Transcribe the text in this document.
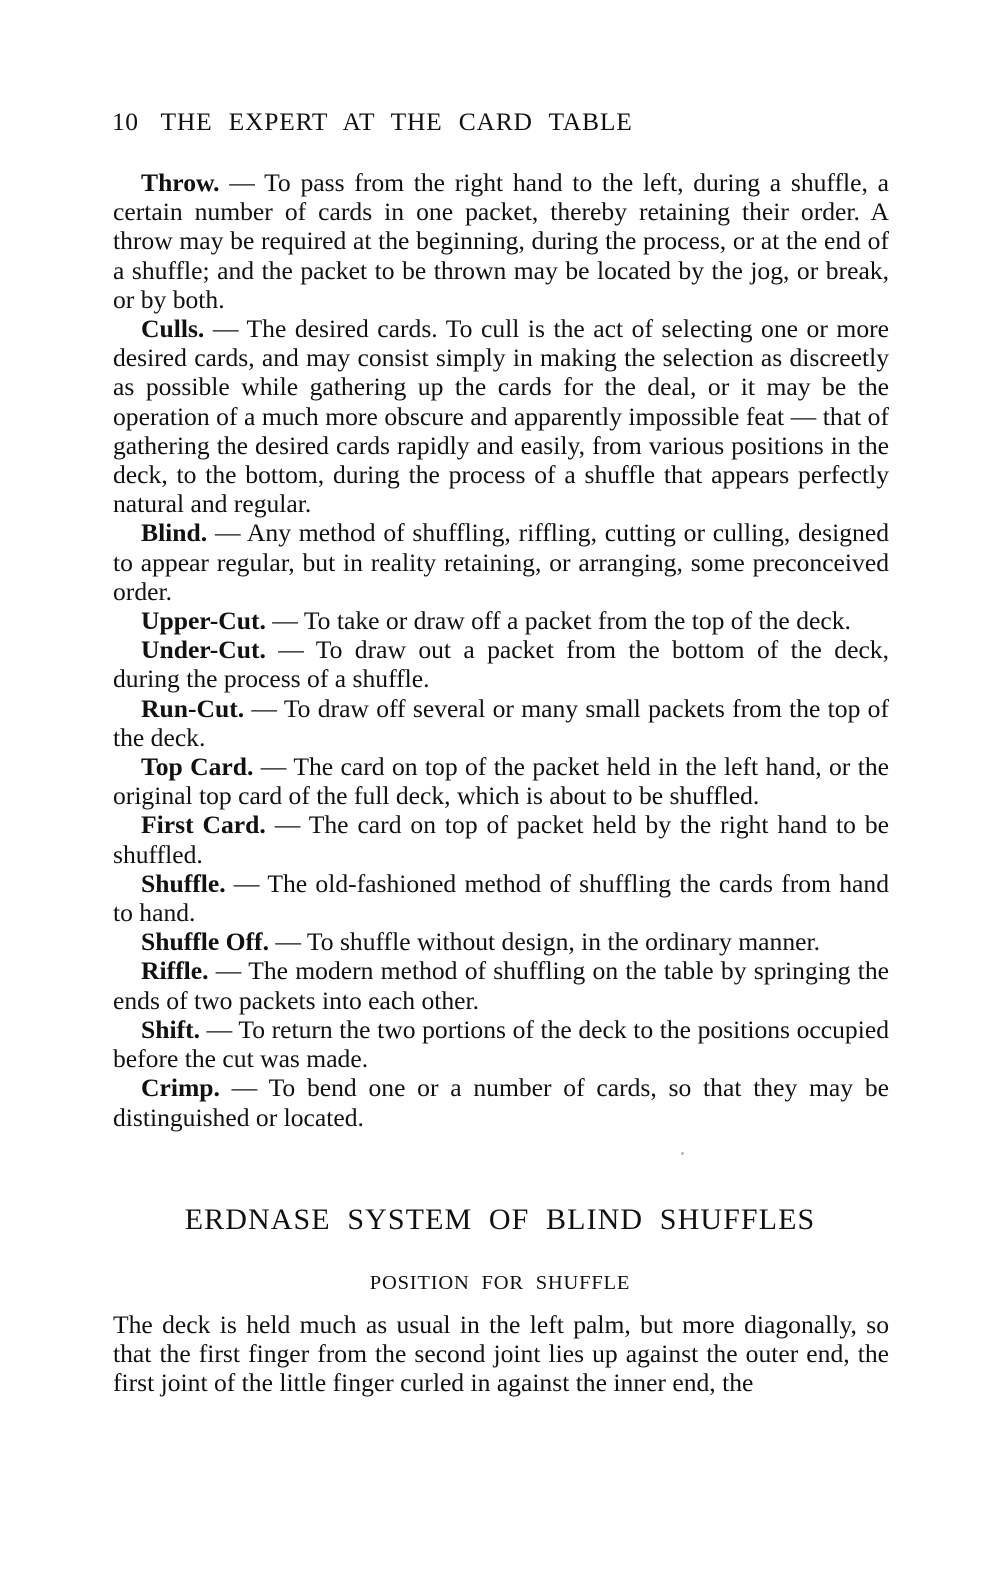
10 THE EXPERT AT THE CARD TABLE

Throw. — To pass from the right hand to the left, during a shuffle, a certain number of cards in one packet, thereby retaining their order. A throw may be required at the beginning, during the process, or at the end of a shuffle; and the packet to be thrown may be located by the jog, or break, or by both.

Culls. — The desired cards. To cull is the act of selecting one or more desired cards, and may consist simply in making the selection as discreetly as possible while gathering up the cards for the deal, or it may be the operation of a much more obscure and apparently impossible feat — that of gathering the desired cards rapidly and easily, from various positions in the deck, to the bottom, during the process of a shuffle that appears perfectly natural and regular.

Blind. — Any method of shuffling, riffling, cutting or culling, designed to appear regular, but in reality retaining, or arranging, some preconceived order.

Upper-Cut. — To take or draw off a packet from the top of the deck.

Under-Cut. — To draw out a packet from the bottom of the deck, during the process of a shuffle.

Run-Cut. — To draw off several or many small packets from the top of the deck.

Top Card. — The card on top of the packet held in the left hand, or the original top card of the full deck, which is about to be shuffled.

First Card. — The card on top of packet held by the right hand to be shuffled.

Shuffle. — The old-fashioned method of shuffling the cards from hand to hand.

Shuffle Off. — To shuffle without design, in the ordinary manner.

Riffle. — The modern method of shuffling on the table by springing the ends of two packets into each other.

Shift. — To return the two portions of the deck to the positions occupied before the cut was made.

Crimp. — To bend one or a number of cards, so that they may be distinguished or located.

ERDNASE SYSTEM OF BLIND SHUFFLES
POSITION FOR SHUFFLE

The deck is held much as usual in the left palm, but more diagonally, so that the first finger from the second joint lies up against the outer end, the first joint of the little finger curled in against the inner end, the
